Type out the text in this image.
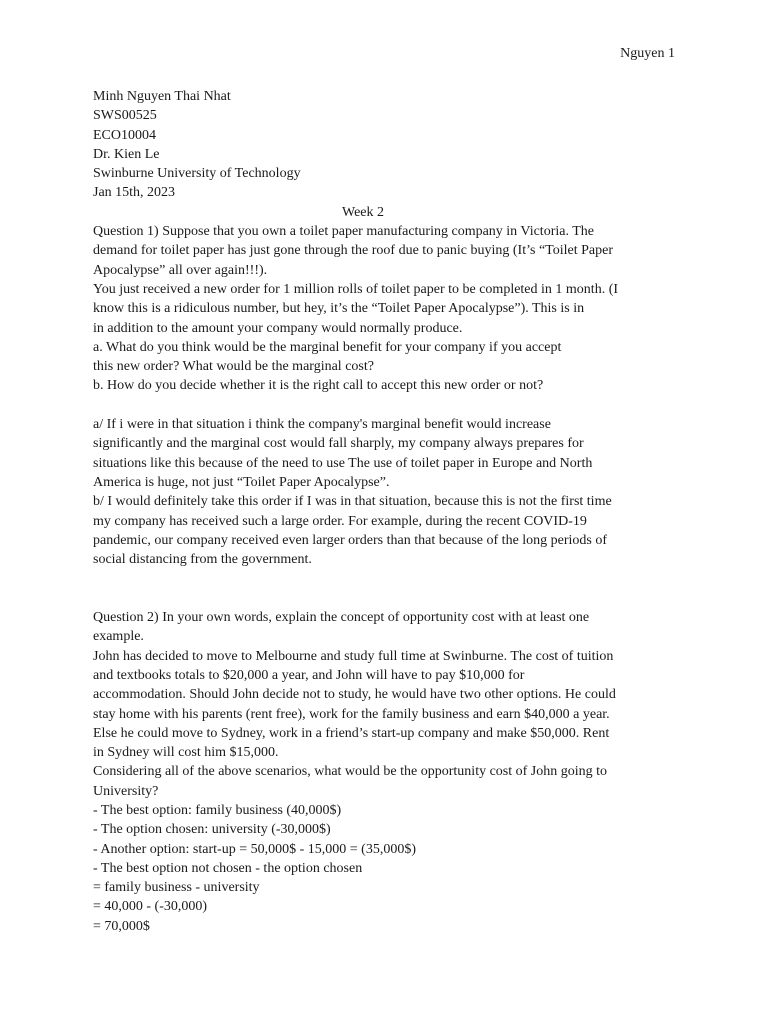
Nguyen 1
Minh Nguyen Thai Nhat
SWS00525
ECO10004
Dr. Kien Le
Swinburne University of Technology
Jan 15th, 2023
Week 2
Question 1) Suppose that you own a toilet paper manufacturing company in Victoria. The
demand for toilet paper has just gone through the roof due to panic buying (It’s “Toilet Paper
Apocalypse” all over again!!!).
You just received a new order for 1 million rolls of toilet paper to be completed in 1 month. (I
know this is a ridiculous number, but hey, it’s the “Toilet Paper Apocalypse”). This is in
in addition to the amount your company would normally produce.
a. What do you think would be the marginal benefit for your company if you accept
this new order? What would be the marginal cost?
b. How do you decide whether it is the right call to accept this new order or not?
a/ If i were in that situation i think the company's marginal benefit would increase
significantly and the marginal cost would fall sharply, my company always prepares for
situations like this because of the need to use The use of toilet paper in Europe and North
America is huge, not just “Toilet Paper Apocalypse”.
b/ I would definitely take this order if I was in that situation, because this is not the first time
my company has received such a large order. For example, during the recent COVID-19
pandemic, our company received even larger orders than that because of the long periods of
social distancing from the government.
Question 2) In your own words, explain the concept of opportunity cost with at least one
example.
John has decided to move to Melbourne and study full time at Swinburne. The cost of tuition
and textbooks totals to $20,000 a year, and John will have to pay $10,000 for
accommodation. Should John decide not to study, he would have two other options. He could
stay home with his parents (rent free), work for the family business and earn $40,000 a year.
Else he could move to Sydney, work in a friend’s start-up company and make $50,000. Rent
in Sydney will cost him $15,000.
Considering all of the above scenarios, what would be the opportunity cost of John going to
University?
- The best option: family business (40,000$)
- The option chosen: university (-30,000$)
- Another option: start-up = 50,000$ - 15,000 = (35,000$)
- The best option not chosen - the option chosen
= family business - university
= 40,000 - (-30,000)
= 70,000$
